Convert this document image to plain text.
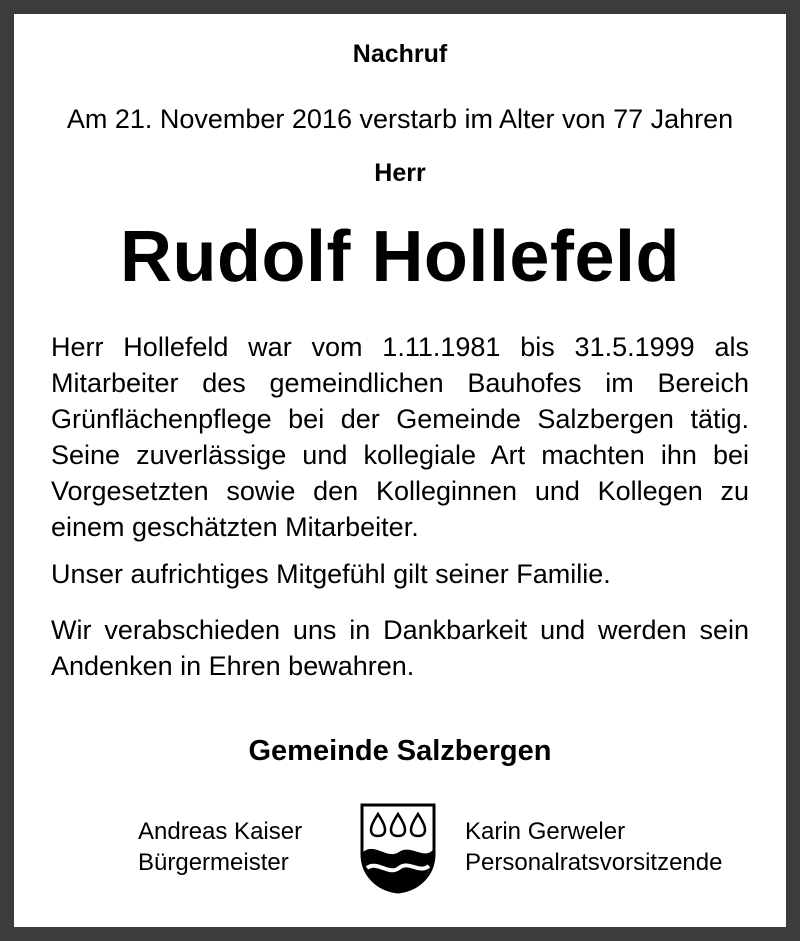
Nachruf
Am 21. November 2016 verstarb im Alter von 77 Jahren
Herr
Rudolf Hollefeld
Herr Hollefeld war vom 1.11.1981 bis 31.5.1999 als Mitarbeiter des gemeindlichen Bauhofes im Bereich Grünflächenpflege bei der Gemeinde Salzbergen tätig. Seine zuverlässige und kollegiale Art machten ihn bei Vorgesetzten sowie den Kolleginnen und Kollegen zu einem geschätzten Mitarbeiter.
Unser aufrichtiges Mitgefühl gilt seiner Familie.
Wir verabschieden uns in Dankbarkeit und werden sein Andenken in Ehren bewahren.
Gemeinde Salzbergen
Andreas Kaiser
Bürgermeister
Karin Gerweler
Personalratsvorsitzende
